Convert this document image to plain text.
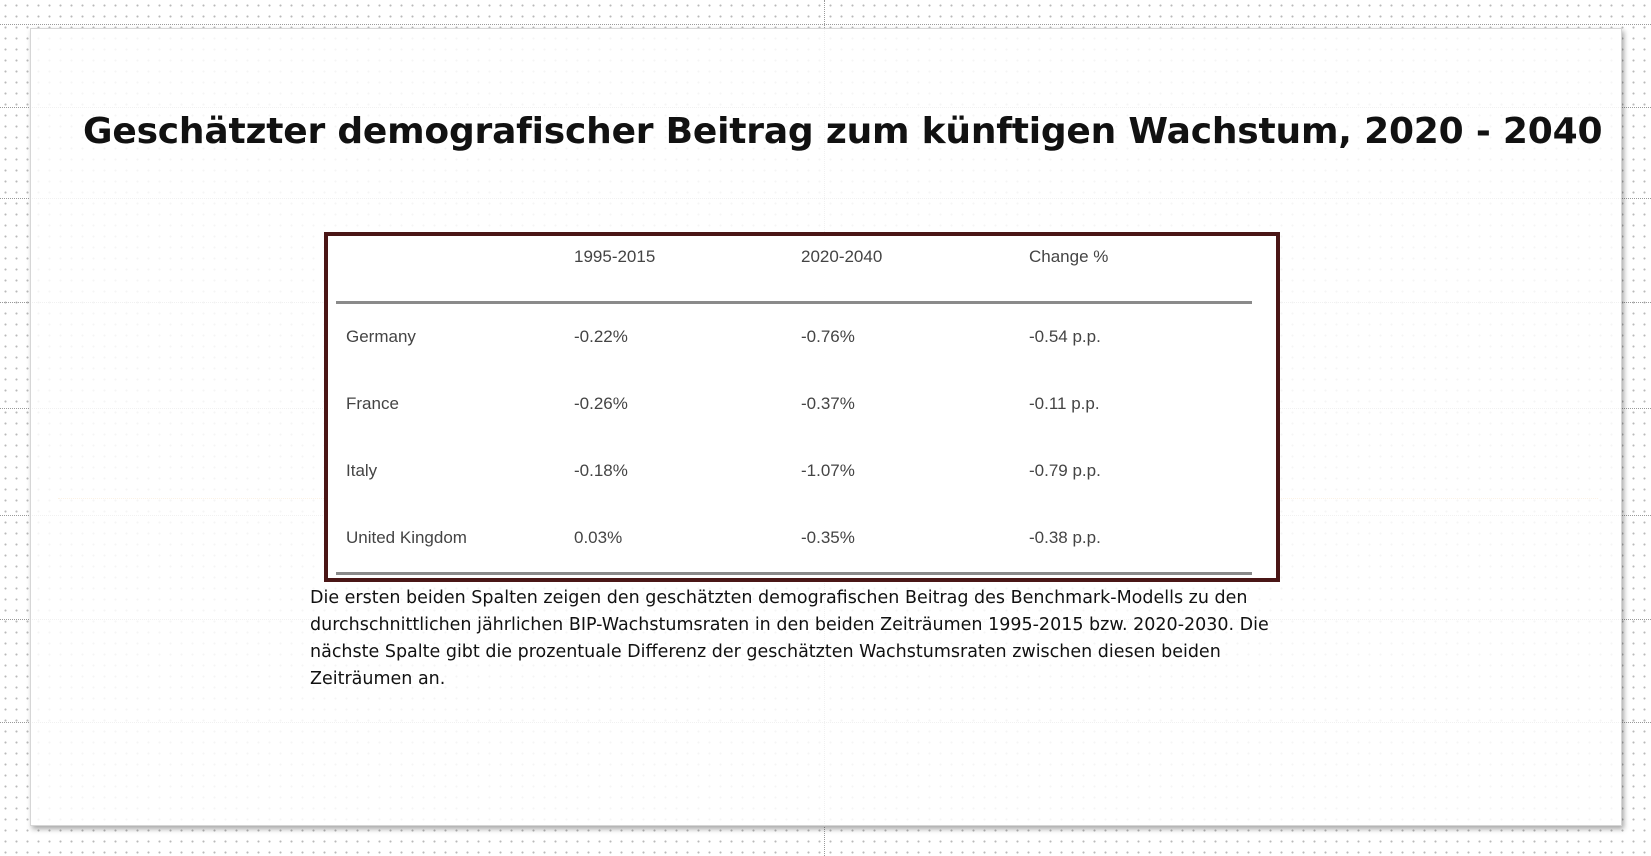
Geschätzter demografischer Beitrag zum künftigen Wachstum, 2020 - 2040
	1995-2015	2020-2040	Change %
Germany	-0.22%	-0.76%	-0.54 p.p.
France	-0.26%	-0.37%	-0.11 p.p.
Italy	-0.18%	-1.07%	-0.79 p.p.
United Kingdom	0.03%	-0.35%	-0.38 p.p.

Die ersten beiden Spalten zeigen den geschätzten demografischen Beitrag des Benchmark-Modells zu den durchschnittlichen jährlichen BIP-Wachstumsraten in den beiden Zeiträumen 1995-2015 bzw. 2020-2030. Die nächste Spalte gibt die prozentuale Differenz der geschätzten Wachstumsraten zwischen diesen beiden Zeiträumen an.
